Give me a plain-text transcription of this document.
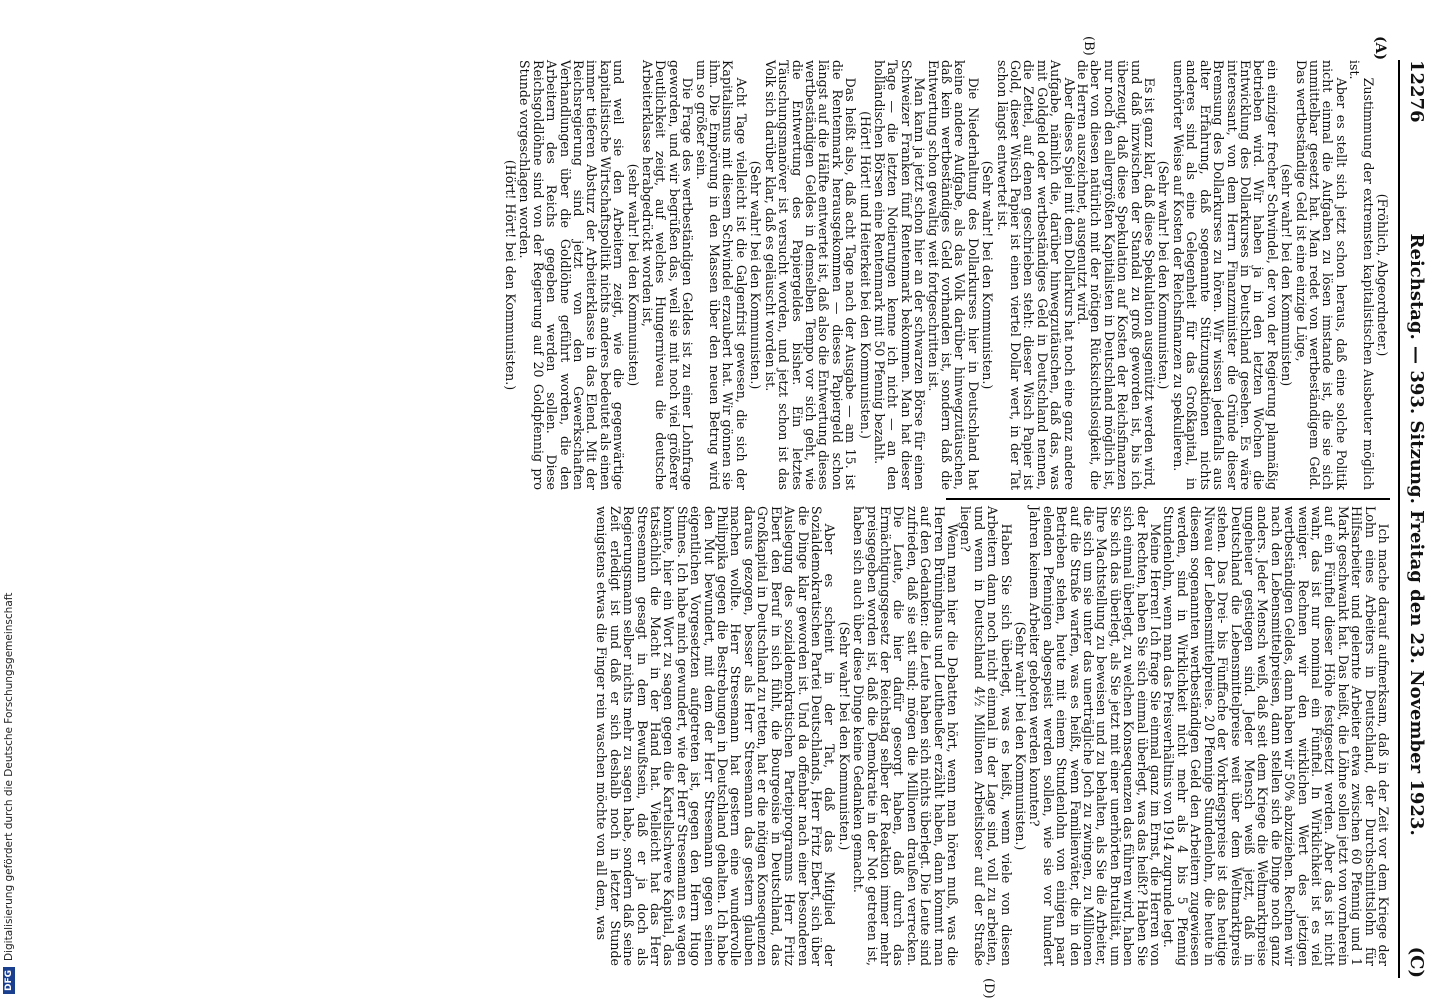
12276
Reichstag. — 393. Sitzung. Freitag den 23. November 1923.
(C)
(A)
(B)
(D)

(Fröhlich, Abgeordneter.)

Zustimmung der extremsten kapitalistischen Ausbeuter möglich ist.

Aber es stellt sich jetzt schon heraus, daß eine solche Politik nicht einmal die Aufgaben zu lösen imstande ist, die sie sich unmittelbar gesetzt hat. Man redet von wertbeständigem Geld. Das wertbeständige Geld ist eine einzige Lüge,

(sehr wahr! bei den Kommunisten)

ein einziger frecher Schwindel, der von der Regierung planmäßig betrieben wird. Wir haben ja in den letzten Wochen die Entwicklung des Dollarkurses in Deutschland gesehen. Es wäre interessant, von dem Herrn Finanzminister die Gründe dieser Bremsung des Dollarkurses zu hören. Wir wissen jedenfalls aus alter Erfahrung, daß sogenannte Stützungsaktionen nichts anderes sind als eine Gelegenheit für das Großkapital, in unerhörter Weise auf Kosten der Reichsfinanzen zu spekulieren.

(Sehr wahr! bei den Kommunisten.)

Es ist ganz klar, daß diese Spekulation ausgenützt werden wird, und daß inzwischen der Standal zu groß geworden ist, bis ich überzeugt, daß diese Spekulation auf Kosten der Reichsfinanzen nur noch den allergrößten Kapitalisten in Deutschland möglich ist, aber von diesen natürlich mit der nötigen Rücksichtslosigkeit, die die Herren auszeichnet, ausgenutzt wird.

Aber dieses Spiel mit dem Dollarkurs hat noch eine ganz andere Aufgabe, nämlich die, darüber hinwegzutäuschen, daß das, was mit Goldgeld oder wertbeständiges Geld in Deutschland nennen, die Zettel, auf denen geschrieben steht: dieser Wisch Papier ist Gold, dieser Wisch Papier ist einen viertel Dollar wert, in der Tat schon längst entwertet ist.

(Sehr wahr! bei den Kommunisten.)

Die Niederhaltung des Dollarkurses hier in Deutschland hat keine andere Aufgabe, als das Volk darüber hinwegzutäuschen, daß kein wertbeständiges Geld vorhanden ist, sondern daß die Entwertung schon gewaltig weit fortgeschritten ist.

Man kann ja jetzt schon hier an der schwarzen Börse für einen Schweizer Franken fünf Rentenmark bekommen. Man hat dieser Tage — die letzten Notierungen kenne ich nicht — an den holländischen Börsen eine Rentenmark mit 50 Pfennig bezahlt.

(Hört! Hört! und Heiterkeit bei den Kommunisten.)

Das heißt also, daß acht Tage nach der Ausgabe — am 15. ist die Rentenmark herausgekommen — dieses Papiergeld schon längst auf die Hälfte entwertet ist, daß also die Entwertung dieses wertbeständigen Geldes in demselben Tempo vor sich geht, wie die Entwertung des Papiergeldes bisher. Ein letztes Täuschungsmanöver ist versucht worden, und jetzt schon ist das Volk sich darüber klar, daß es geläuscht worden ist.

(Sehr wahr! bei den Kommunisten.)

Acht Tage vielleicht ist die Galgenfrist gewesen, die sich der Kapitalismus mit diesem Schwindel erzaubert hat. Wir gönnen sie ihm. Die Empörung in den Massen über den neuen Betrug wird um so größer sein.

Die Frage des wertbeständigen Geldes ist zu einer Lohnfrage geworden, und wir begrüßen das, weil sie mit noch viel größerer Deutlichkeit zeigt, auf welches Hungerniveau die deutsche Arbeiterklasse herabgedrückt worden ist,

(sehr wahr! bei den Kommunisten)

und weil sie den Arbeitern zeigt, wie die gegenwärtige kapitalistische Wirtschaftspolitik nichts anderes bedeutet als einen immer tieferen Absturz der Arbeiterklasse in das Elend. Mit der Reichsregierung sind jetzt von den Gewerkschaften Verhandlungen über die Goldlöhne geführt worden, die den Arbeitern des Reichs gegeben werden sollen. Diese Reichsgoldlöhne sind von der Regierung auf 20 Goldpfennig pro Stunde vorgeschlagen worden.

(Hört! Hört! bei den Kommunisten.)

Ich mache darauf aufmerksam, daß in der Zeit vor dem Kriege der Lohn eines Arbeiters in Deutschland, der Durchschnittslohn für Hilfsarbeiter und gelernte Arbeiter etwa zwischen 60 Pfennig und 1 Mark geschwankt hat. Das heißt, die Löhne sollen jetzt von vornherein auf ein Fünftel dieser Höhe festgesetzt werden. Aber das ist nicht wahr, das ist nur nominal ein Fünftel. In Wirklichkeit ist es viel weniger. Rechnen wir den wirklichen Wert des jetzigen wertbeständigen Geldes, dann haben wir 50% abzuziehen. Rechnen wir nach den Lebensmittelpreisen, dann stellen sich die Dinge noch ganz anders. Jeder Mensch weiß, daß seit dem Kriege die Weltmarktpreise ungeheuer gestiegen sind. Jeder Mensch weiß jetzt, daß in Deutschland die Lebensmittelpreise weit über dem Weltmarktpreis stehen. Das Drei- bis Fünffache der Vorkriegspreise ist das heutige Niveau der Lebensmittelpreise. 20 Pfennige Stundenlohn, die heute in diesem sogenannten wertbeständigen Geld den Arbeitern zugewiesen werden, sind in Wirklichkeit nicht mehr als 4 bis 5 Pfennig Stundenlohn, wenn man das Preisverhältnis von 1914 zugrunde legt.

Meine Herren! Ich frage Sie einmal ganz im Ernst, die Herren von der Rechten, haben Sie sich einmal überlegt, was das heißt? Haben Sie sich einmal überlegt, zu welchen Konsequenzen das führen wird, haben Sie sich das überlegt, als Sie jetzt mit einer unerhörten Brutalität, um Ihre Machtstellung zu beweisen und zu behalten, als Sie die Arbeiter, die sich um sie unter das unerträgliche Joch zu zwingen, zu Millionen auf die Straße warfen, was es heißt, wenn Familienväter, die in den Betrieben stehen, heute mit einem Stundenlohn von einigen paar elenden Pfennigen abgespeist werden sollen, wie sie vor hundert Jahren keinem Arbeiter geboten werden konnten?

(Sehr wahr! bei den Kommunisten.)

Haben Sie sich überlegt, was es heißt, wenn viele von diesen Arbeitern dann noch nicht einmal in der Lage sind, voll zu arbeiten, und wenn in Deutschland 4½ Millionen Arbeitsloser auf der Straße liegen?

Wenn man hier die Debatten hört, wenn man hören muß, was die Herren Brüninghaus und Leutheußer erzählt haben, dann kommt man auf den Gedanken: die Leute haben sich nichts überlegt. Die Leute sind zufrieden, daß sie satt sind; mögen die Millionen draußen verrecken. Die Leute, die hier dafür gesorgt haben, daß durch das Ermächtigungsgesetz der Reichstag selber der Reaktion immer mehr preisgegeben worden ist, daß die Demokratie in der Not getreten ist, haben sich auch über diese Dinge keine Gedanken gemacht.

(Sehr wahr! bei den Kommunisten.)

Aber es scheint in der Tat, daß das Mitglied der Sozialdemokratischen Partei Deutschlands, Herr Fritz Ebert, sich über die Dinge klar geworden ist. Und da offenbar nach einer besonderen Auslegung des sozialdemokratischen Parteiprogramms Herr Fritz Ebert den Beruf in sich fühlt, die Bourgeoisie in Deutschland, das Großkapital in Deutschland zu retten, hat er die nötigen Konsequenzen daraus gezogen, besser als Herr Stresemann das gestern glauben machen wollte. Herr Stresemann hat gestern eine wundervolle Philippika gegen die Bestrebungen in Deutschland gehalten. Ich habe den Mut bewundert, mit dem der Herr Stresemann gegen seinen eigentlichen Vorgesetzten aufgetreten ist, gegen den Herrn Hugo Stinnes. Ich habe mich gewundert, wie der Herr Stresemann es wagen konnte, hier ein Wort zu sagen gegen die Kartellschwere Kapital, das tatsächlich die Macht in der Hand hat. Vielleicht hat das Herr Stresemann gesagt in dem Bewußtsein, daß er ja doch als Regierungsmann selber nichts mehr zu sagen habe, sondern daß seine Zeit erledigt ist und daß er sich deshalb noch in letzter Stunde wenigstens etwas die Finger rein waschen möchte von all dem, was

DFG
Digitalisierung gefördert durch die Deutsche Forschungsgemeinschaft
